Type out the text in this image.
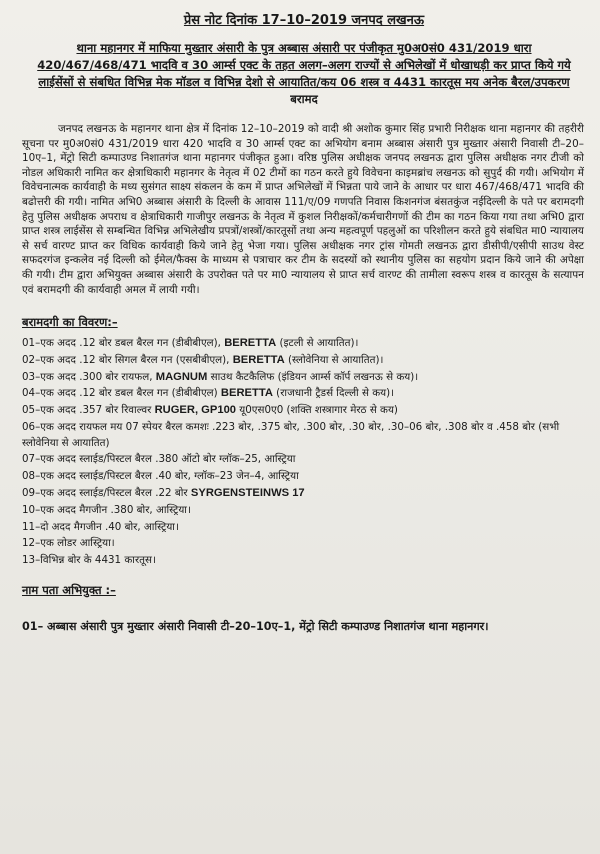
प्रेस नोट दिनांक 17–10–2019 जनपद लखनऊ
थाना महानगर में माफिया मुख्तार अंसारी के पुत्र अब्बास अंसारी पर पंजीकृत मु0अ0सं0 431/2019 धारा 420/467/468/471 भादवि व 30 आर्म्स एक्ट के तहत अलग–अलग राज्यों से अभिलेखों में धोखाधड़ी कर प्राप्त किये गये लाईसेंसों से संबधित विभिन्न मेक मॉडल व विभिन्न देशो से आयातित/कय 06 शस्त्र व 4431 कारतूस मय अनेक बैरल/उपकरण बरामद

जनपद लखनऊ के महानगर थाना क्षेत्र में दिनांक 12–10–2019 को वादी श्री अशोक कुमार सिंह प्रभारी निरीक्षक थाना महानगर की तहरीरी सूचना पर मु0अ0सं0 431/2019 धारा 420 भादवि व 30 आर्म्स एक्ट का अभियोग बनाम अब्बास अंसारी पुत्र मुख्तार अंसारी निवासी टी–20–10ए–1, मेंट्रो सिटी कम्पाउण्ड निशातगंज थाना महानगर पंजीकृत हुआ। वरिष्ठ पुलिस अधीक्षक जनपद लखनऊ द्वारा पुलिस अधीक्षक नगर टीजी को नोडल अधिकारी नामित कर क्षेत्राधिकारी महानगर के नेतृत्व में 02 टीमों का गठन करते हुये विवेचना काइमब्रांच लखनऊ को सुपुर्द की गयी। अभियोग में विवेचनात्मक कार्यवाही के मध्य सुसंगत साक्ष्य संकलन के कम में प्राप्त अभिलेखों में भिन्नता पाये जाने के आधार पर धारा 467/468/471 भादवि की बढोत्तरी की गयी। नामित अभि0 अब्बास अंसारी के दिल्ली के आवास 111/ए/09 गणपति निवास किशनगंज बंसतकुंज नईदिल्ली के पते पर बरामदगी हेतु पुलिस अधीक्षक अपराध व क्षेत्राधिकारी गाजीपुर लखनऊ के नेतृत्व में कुशल निरीक्षकों/कर्मचारीगणों की टीम का गठन किया गया तथा अभि0 द्वारा प्राप्त शस्त्र लाईसेंस से सम्बन्धित विभिन्न अभिलेखीय प्रपत्रों/शस्त्रों/कारतूसों तथा अन्य महत्वपूर्ण पहलुओं का परिशीलन करते हुये संबधित मा0 न्यायालय से सर्च वारण्ट प्राप्त कर विधिक कार्यवाही किये जाने हेतु भेजा गया। पुलिस अधीक्षक नगर ट्रांस गोमती लखनऊ द्वारा डीसीपी/एसीपी साउथ वेस्ट सफदरगंज इन्कलेव नई दिल्ली को ईमेल/फैक्स के माध्यम से पत्राचार कर टीम के सदस्यों को स्थानीय पुलिस का सहयोग प्रदान किये जाने की अपेक्षा की गयी। टीम द्वारा अभियुक्त अब्बास अंसारी के उपरोक्त पते पर मा0 न्यायालय से प्राप्त सर्च वारण्ट की तामीला स्वरूप शस्त्र व कारतूस के सत्यापन एवं बरामदगी की कार्यवाही अमल में लायी गयी।

बरामदगी का विवरण:–
01–एक अदद .12 बोर डबल बैरल गन (डीबीबीएल), BERETTA (इटली से आयातित)।
02–एक अदद .12 बोर सिगल बैरल गन (एसबीबीएल), BERETTA (स्लोवेनिया से आयातित)।
03–एक अदद .300 बोर रायफल, MAGNUM साउथ कैटकैलिफ (इंडियन आर्म्स कॉर्प लखनऊ से कय)।
04–एक अदद .12 बोर डबल बैरल गन (डीबीबीएल) BERETTA (राजधानी ट्रैडर्स दिल्ली से कय)।
05–एक अदद .357 बोर रिवाल्वर RUGER, GP100 यू0एस0ए0 (शक्ति शस्त्रागार मेरठ से कय)
06–एक अदद रायफल मय 07 स्पेयर बैरल कमशः .223 बोर, .375 बोर, .300 बोर, .30 बोर, .30–06 बोर, .308 बोर व .458 बोर (सभी स्लोवेनिया से आयातित)
07–एक अदद स्लाईड/पिस्टल बैरल .380 ऑटो बोर ग्लॉक–25, आस्ट्रिया
08–एक अदद स्लाईड/पिस्टल बैरल .40 बोर, ग्लॉक–23 जेन–4, आस्ट्रिया
09–एक अदद स्लाईड/पिस्टल बैरल .22 बोर SYRGENSTEINWS 17
10–एक अदद मैगजीन .380 बोर, आस्ट्रिया।
11–दो अदद मैगजीन .40 बोर, आस्ट्रिया।
12–एक लोडर आस्ट्रिया।
13–विभिन्न बोर के 4431 कारतूस।
नाम पता अभियुक्त :–
01– अब्बास अंसारी पुत्र मुख्तार अंसारी निवासी टी–20–10ए–1, मेंट्रो सिटी कम्पाउण्ड निशातगंज थाना महानगर।
